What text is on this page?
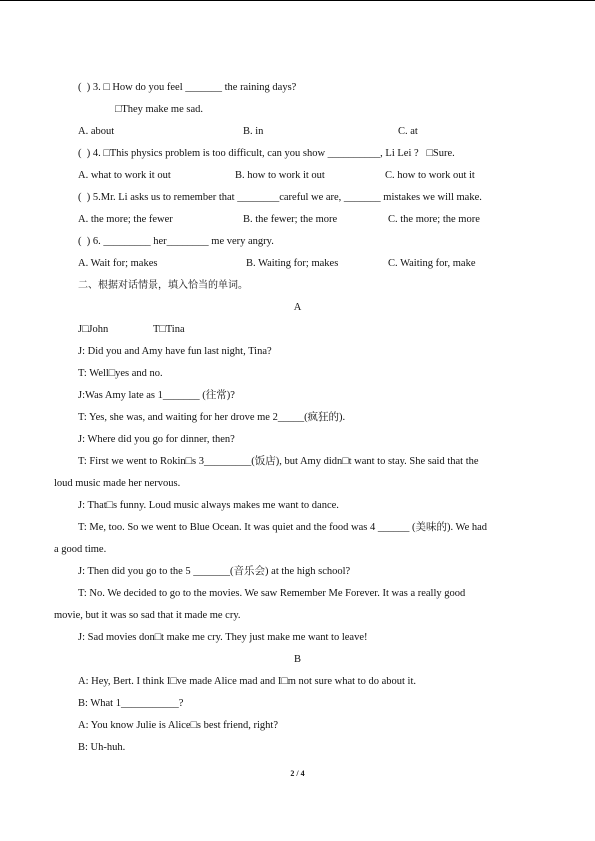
(  ) 3. □ How do you feel _______ the raining days?
□They make me sad.
A. about	B. in	C. at
(  ) 4. □This physics problem is too difficult, can you show __________, Li Lei ?   □Sure.
A. what to work it out	B. how to work it out	C. how to work out it
(  ) 5.Mr. Li asks us to remember that ________careful we are, _______ mistakes we will make.
A. the more; the fewer	B. the fewer; the more	C. the more; the more
(  ) 6. _________ her________ me very angry.
A. Wait for; makes	B. Waiting for; makes	C. Waiting for, make
二、根据对话情景，填入恰当的单词。
A
J□John	T□Tina
J: Did you and Amy have fun last night, Tina?
T: Well□yes and no.
J:Was Amy late as 1_______ (往常)?
T: Yes, she was, and waiting for her drove me 2_____(疯狂的).
J: Where did you go for dinner, then?
T: First we went to Rokin□s 3_________(饭店), but Amy didn□t want to stay. She said that the
loud music made her nervous.
J: That□s funny. Loud music always makes me want to dance.
T: Me, too. So we went to Blue Ocean. It was quiet and the food was 4 ______ (美味的). We had
a good time.
J: Then did you go to the 5 _______(音乐会) at the high school?
T: No. We decided to go to the movies. We saw Remember Me Forever. It was a really good
movie, but it was so sad that it made me cry.
J: Sad movies don□t make me cry. They just make me want to leave!
B
A: Hey, Bert. I think I□ve made Alice mad and I□m not sure what to do about it.
B: What 1___________?
A: You know Julie is Alice□s best friend, right?
B: Uh-huh.
2 / 4
